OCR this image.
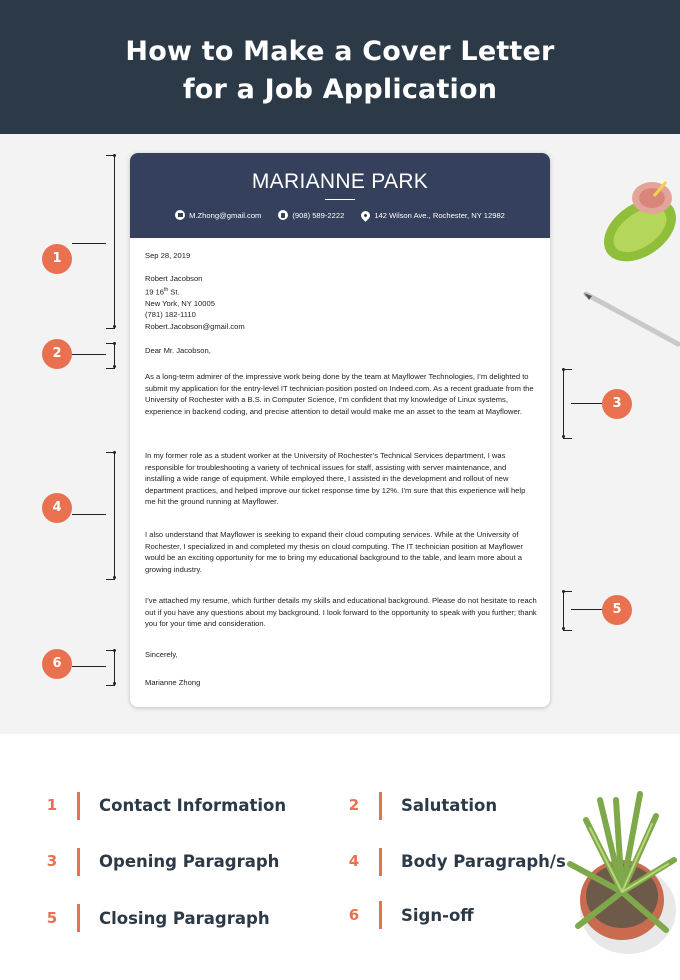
How to Make a Cover Letter
for a Job Application
MARIANNE PARK
M.Zhong@gmail.com	(908) 589-2222	142 Wilson Ave., Rochester, NY 12982
Sep 28, 2019

Robert Jacobson

19 16th St.

New York, NY 10005

(781) 182-1110

Robert.Jacobson@gmail.com

Dear Mr. Jacobson,
As a long-term admirer of the impressive work being done by the team at Mayflower Technologies, I’m delighted to submit my application for the entry-level IT technician position posted on Indeed.com. As a recent graduate from the University of Rochester with a B.S. in Computer Science, I’m confident that my knowledge of Linux systems, experience in backend coding, and precise attention to detail would make me an asset to the team at Mayflower.
In my former role as a student worker at the University of Rochester’s Technical Services department, I was responsible for troubleshooting a variety of technical issues for staff, assisting with server maintenance, and installing a wide range of equipment. While employed there, I assisted in the development and rollout of new department practices, and helped improve our ticket response time by 12%. I’m sure that this experience will help me hit the ground running at Mayflower.
I also understand that Mayflower is seeking to expand their cloud computing services. While at the University of Rochester, I specialized in and completed my thesis on cloud computing. The IT technician position at Mayflower would be an exciting opportunity for me to bring my educational background to the table, and learn more about a growing industry.
I’ve attached my resume, which further details my skills and educational background. Please do not hesitate to reach out if you have any questions about my background. I look forward to the opportunity to speak with you further; thank you for your time and consideration.
Sincerely,
Marianne Zhong
1
2
4
6
3
5
1	Contact Information	2	Salutation
3	Opening Paragraph	4	Body Paragraph/s
5	Closing Paragraph	6	Sign-off
